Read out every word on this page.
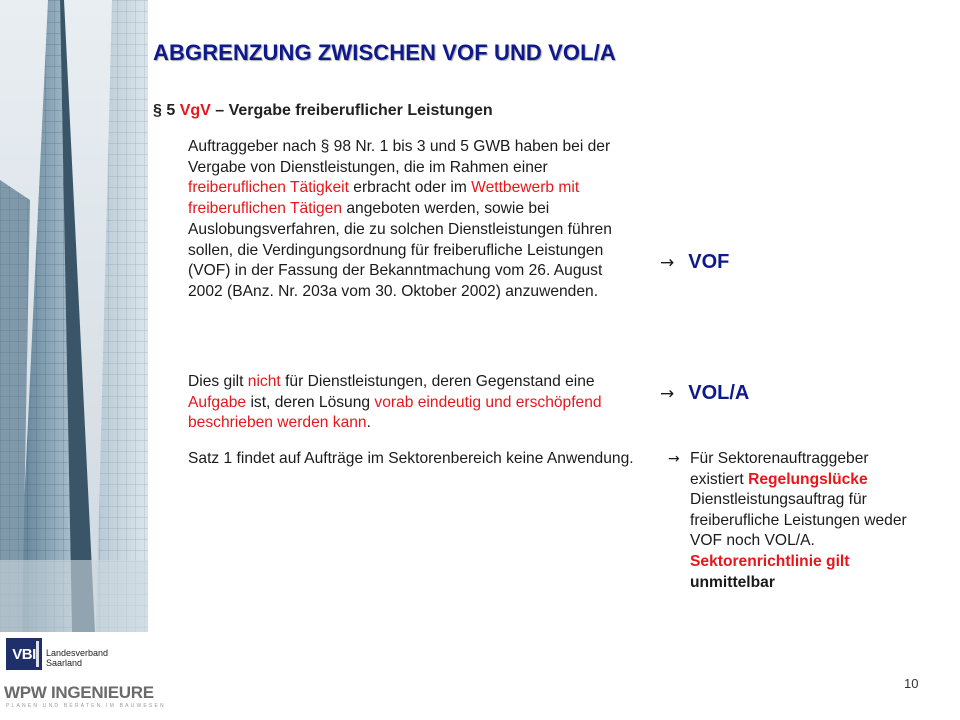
ABGRENZUNG ZWISCHEN VOF UND VOL/A
§ 5 VgV – Vergabe freiberuflicher Leistungen
Auftraggeber nach § 98 Nr. 1 bis 3 und 5 GWB haben bei der Vergabe von Dienstleistungen, die im Rahmen einer freiberuflichen Tätigkeit erbracht oder im Wettbewerb mit freiberuflichen Tätigen angeboten werden, sowie bei Auslobungsverfahren, die zu solchen Dienstleistungen führen sollen, die Verdingungsordnung für freiberufliche Leistungen (VOF) in der Fassung der Bekanntmachung vom 26. August 2002 (BAnz. Nr. 203a vom 30. Oktober 2002) anzuwenden.
Dies gilt nicht für Dienstleistungen, deren Gegenstand eine Aufgabe ist, deren Lösung vorab eindeutig und erschöpfend beschrieben werden kann.
Satz 1 findet auf Aufträge im Sektorenbereich keine Anwendung.
→ VOF
→ VOL/A
→ Für Sektorenauftraggeber existiert Regelungslücke Dienstleistungsauftrag für freiberufliche Leistungen weder VOF noch VOL/A. Sektorenrichtlinie gilt unmittelbar
VBI	Landesverband
Saarland
WPW INGENIEURE
PLANEN UND BERATEN IM BAUWESEN
10
